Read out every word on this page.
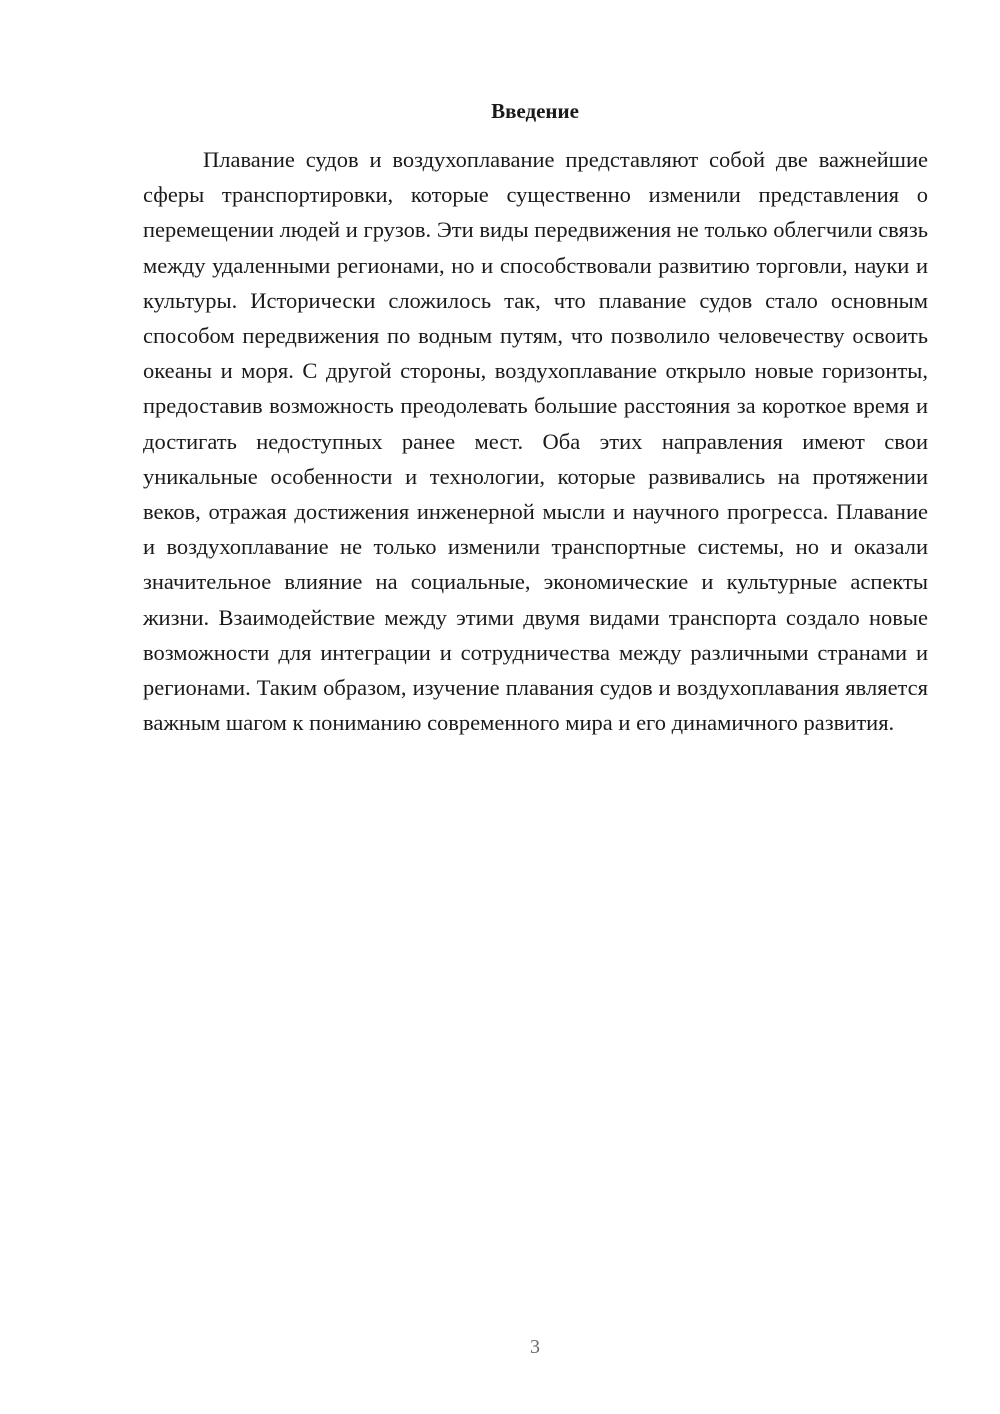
Введение

Плавание судов и воздухоплавание представляют собой две важнейшие сферы транспортировки, которые существенно изменили представления о перемещении людей и грузов. Эти виды передвижения не только облегчили связь между удаленными регионами, но и способствовали развитию торговли, науки и культуры. Исторически сложилось так, что плавание судов стало основным способом передвижения по водным путям, что позволило человечеству освоить океаны и моря. С другой стороны, воздухоплавание открыло новые горизонты, предоставив возможность преодолевать большие расстояния за короткое время и достигать недоступных ранее мест. Оба этих направления имеют свои уникальные особенности и технологии, которые развивались на протяжении веков, отражая достижения инженерной мысли и научного прогресса. Плавание и воздухоплавание не только изменили транспортные системы, но и оказали значительное влияние на социальные, экономические и культурные аспекты жизни. Взаимодействие между этими двумя видами транспорта создало новые возможности для интеграции и сотрудничества между различными странами и регионами. Таким образом, изучение плавания судов и воздухоплавания является важным шагом к пониманию современного мира и его динамичного развития.

3
